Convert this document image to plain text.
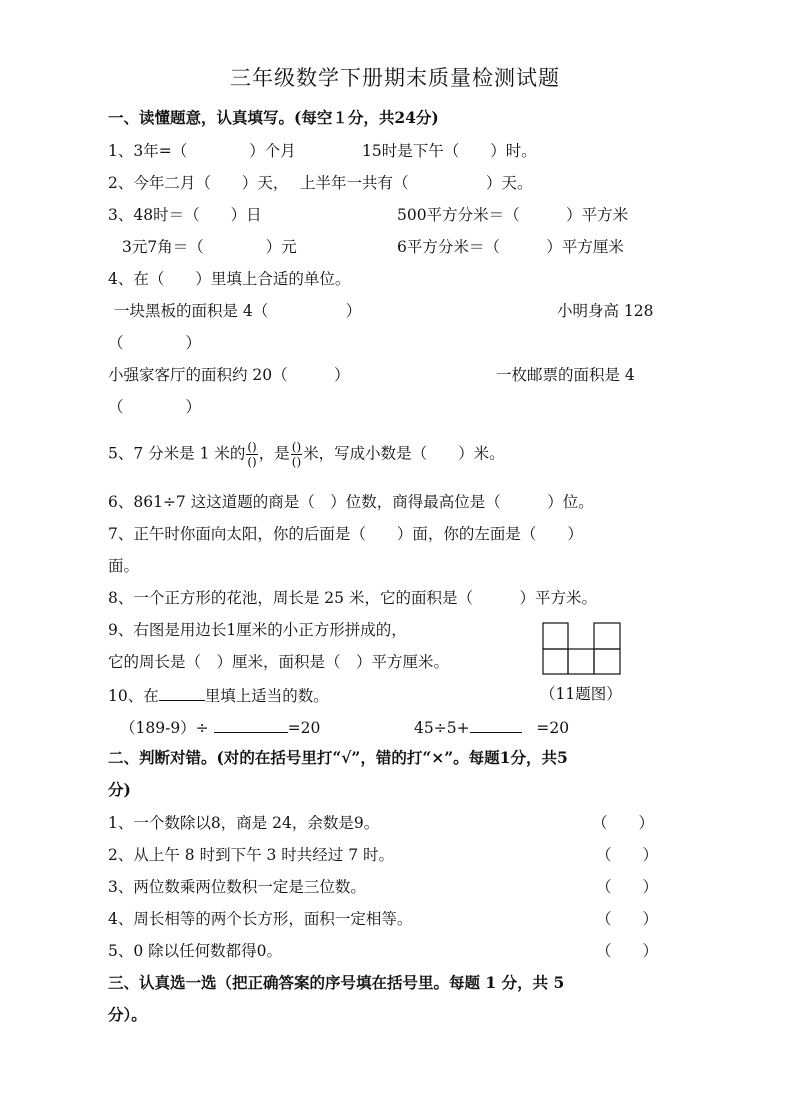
三年级数学下册期末质量检测试题
一、读懂题意，认真填写。(每空１分，共24分)
1、3年=（　　　　）个月	15时是下午（　　）时。
2、今年二月（　　）天， 上半年一共有（　　　　　）天。
3、48时＝（　　）日	500平方分米＝（　　　）平方米
3元7角＝（　　　　）元	6平方分米＝（　　　）平方厘米
4、在（　　）里填上合适的单位。
一块黑板的面积是 4（　　　　　）	小明身高 128
（　　　　）
小强家客厅的面积约 20（　　　）	一枚邮票的面积是 4
（　　　　）
5、7 分米是 1 米的 $\frac{()}{()}$ ，是 $\frac{()}{()}$ 米，写成小数是（　　）米。
6、861÷7 这这道题的商是（　）位数，商得最高位是（　　　）位。
7、正午时你面向太阳，你的后面是（　　）面，你的左面是（　　）
面。
8、一个正方形的花池，周长是 25 米，它的面积是（　　　）平方米。
9、右图是用边长1厘米的小正方形拼成的，
它的周长是（　）厘米，面积是（　）平方厘米。
10、在	里填上适当的数。	（11题图）
（189-9）÷	=20	45÷5+	=20
二、判断对错。(对的在括号里打“√”，错的打“×”。每题1分，共5
分)
1、一个数除以8，商是 24，余数是9。	（　　）
2、从上午 8 时到下午 3 时共经过 7 时。	（　　）
3、两位数乘两位数积一定是三位数。	（　　）
4、周长相等的两个长方形，面积一定相等。	（　　）
5、0 除以任何数都得0。	（　　）
三、认真选一选（把正确答案的序号填在括号里。每题 1 分，共 5
分）。
